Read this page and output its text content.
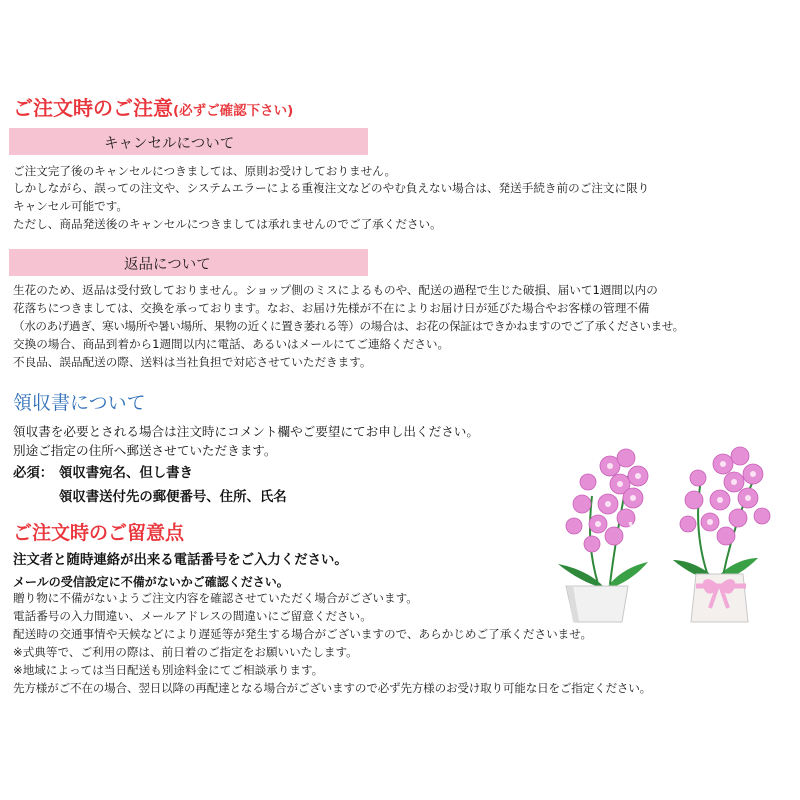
ご注文時のご注意(必ずご確認下さい)
キャンセルについて
ご注文完了後のキャンセルにつきましては、原則お受けしておりません。
しかしながら、誤っての注文や、システムエラーによる重複注文などのやむ負えない場合は、発送手続き前のご注文に限り
キャンセル可能です。
ただし、商品発送後のキャンセルにつきましては承れませんのでご了承ください。
返品について
生花のため、返品は受付致しておりません。ショップ側のミスによるものや、配送の過程で生じた破損、届いて1週間以内の
花落ちにつきましては、交換を承っております。なお、お届け先様が不在によりお届け日が延びた場合やお客様の管理不備
（水のあげ過ぎ、寒い場所や暑い場所、果物の近くに置き萎れる等）の場合は、お花の保証はできかねますのでご了承くださいませ。
交換の場合、商品到着から1週間以内に電話、あるいはメールにてご連絡ください。
不良品、誤品配送の際、送料は当社負担で対応させていただきます。
領収書について
領収書を必要とされる場合は注文時にコメント欄やご要望にてお申し出ください。
別途ご指定の住所へ郵送させていただきます。
必須： 領収書宛名、但し書き
領収書送付先の郵便番号、住所、氏名
ご注文時のご留意点
注文者と随時連絡が出来る電話番号をご入力ください。
メールの受信設定に不備がないかご確認ください。
贈り物に不備がないようご注文内容を確認させていただく場合がございます。
電話番号の入力間違い、メールアドレスの間違いにご留意ください。
配送時の交通事情や天候などにより遅延等が発生する場合がございますので、あらかじめご了承くださいませ。
※式典等で、ご利用の際は、前日着のご指定をお願いいたします。
※地域によっては当日配送も別途料金にてご相談承ります。
先方様がご不在の場合、翌日以降の再配達となる場合がございますので必ず先方様のお受け取り可能な日をご指定ください。
wist
